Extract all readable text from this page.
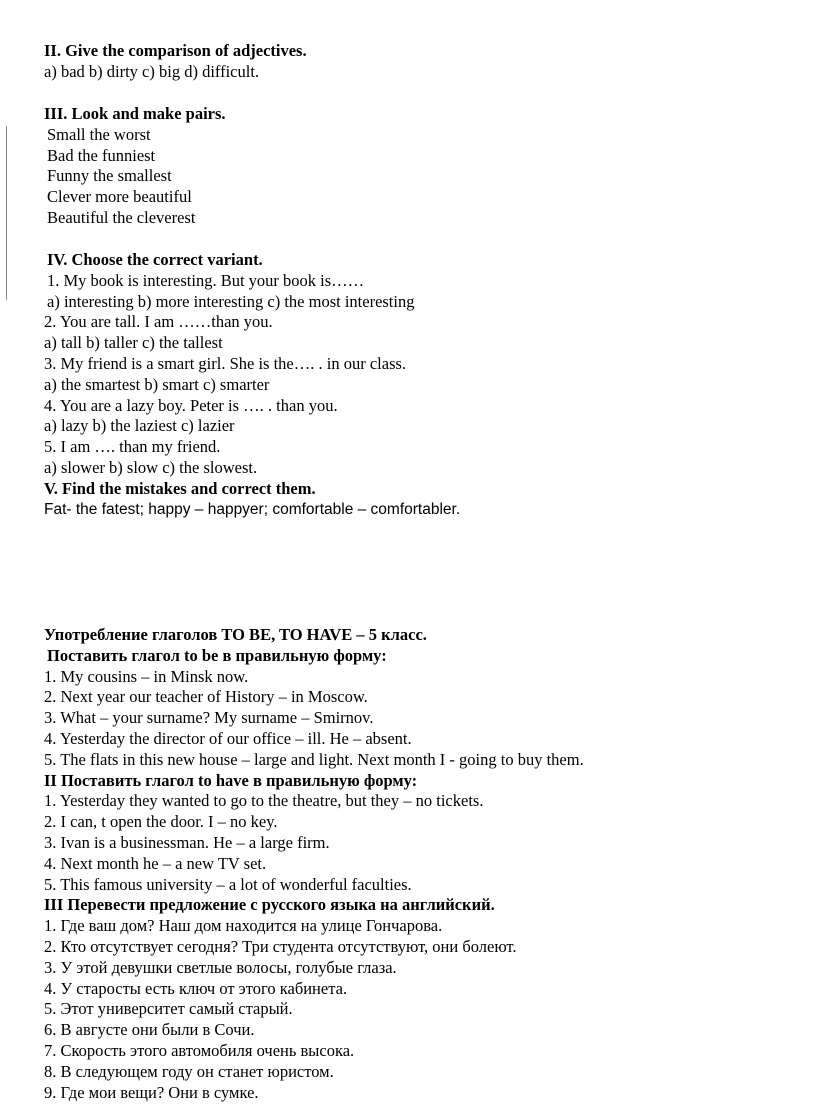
II. Give the comparison of adjectives.

a) bad b) dirty c) big d) difficult.

III. Look and make pairs.

Small the worst

Bad the funniest

Funny the smallest

Clever more beautiful

Beautiful the cleverest

IV. Choose the correct variant.

1. My book is interesting. But your book is……

a) interesting b) more interesting c) the most interesting

2. You are tall. I am ……than you.

a) tall b) taller c) the tallest

3. My friend is a smart girl. She is the…. . in our class.

a) the smartest b) smart c) smarter

4. You are a lazy boy. Peter is …. . than you.

a) lazy b) the laziest c) lazier

5. I am …. than my friend.

a) slower b) slow c) the slowest.

V. Find the mistakes and correct them.

Fat- the fatest; happy – happyer; comfortable – comfortabler.

Употребление глаголов TO BE, TO HAVE – 5 класс.

Поставить глагол to be в правильную форму:

1. My cousins – in Minsk now.

2. Next year our teacher of History – in Moscow.

3. What – your surname? My surname – Smirnov.

4. Yesterday the director of our office – ill. He – absent.

5. The flats in this new house – large and light. Next month I - going to buy them.

II Поставить глагол to have в правильную форму:

1. Yesterday they wanted to go to the theatre, but they – no tickets.

2. I can, t open the door. I – no key.

3. Ivan is a businessman. He – a large firm.

4. Next month he – a new TV set.

5. This famous university – a lot of wonderful faculties.

III Перевести предложение с русского языка на английский.

1. Где ваш дом? Наш дом находится на улице Гончарова.

2. Кто отсутствует сегодня? Три студента отсутствуют, они болеют.

3. У этой девушки светлые волосы, голубые глаза.

4. У старосты есть ключ от этого кабинета.

5. Этот университет самый старый.

6. В августе они были в Сочи.

7. Скорость этого автомобиля очень высока.

8. В следующем году он станет юристом.

9. Где мои вещи? Они в сумке.
